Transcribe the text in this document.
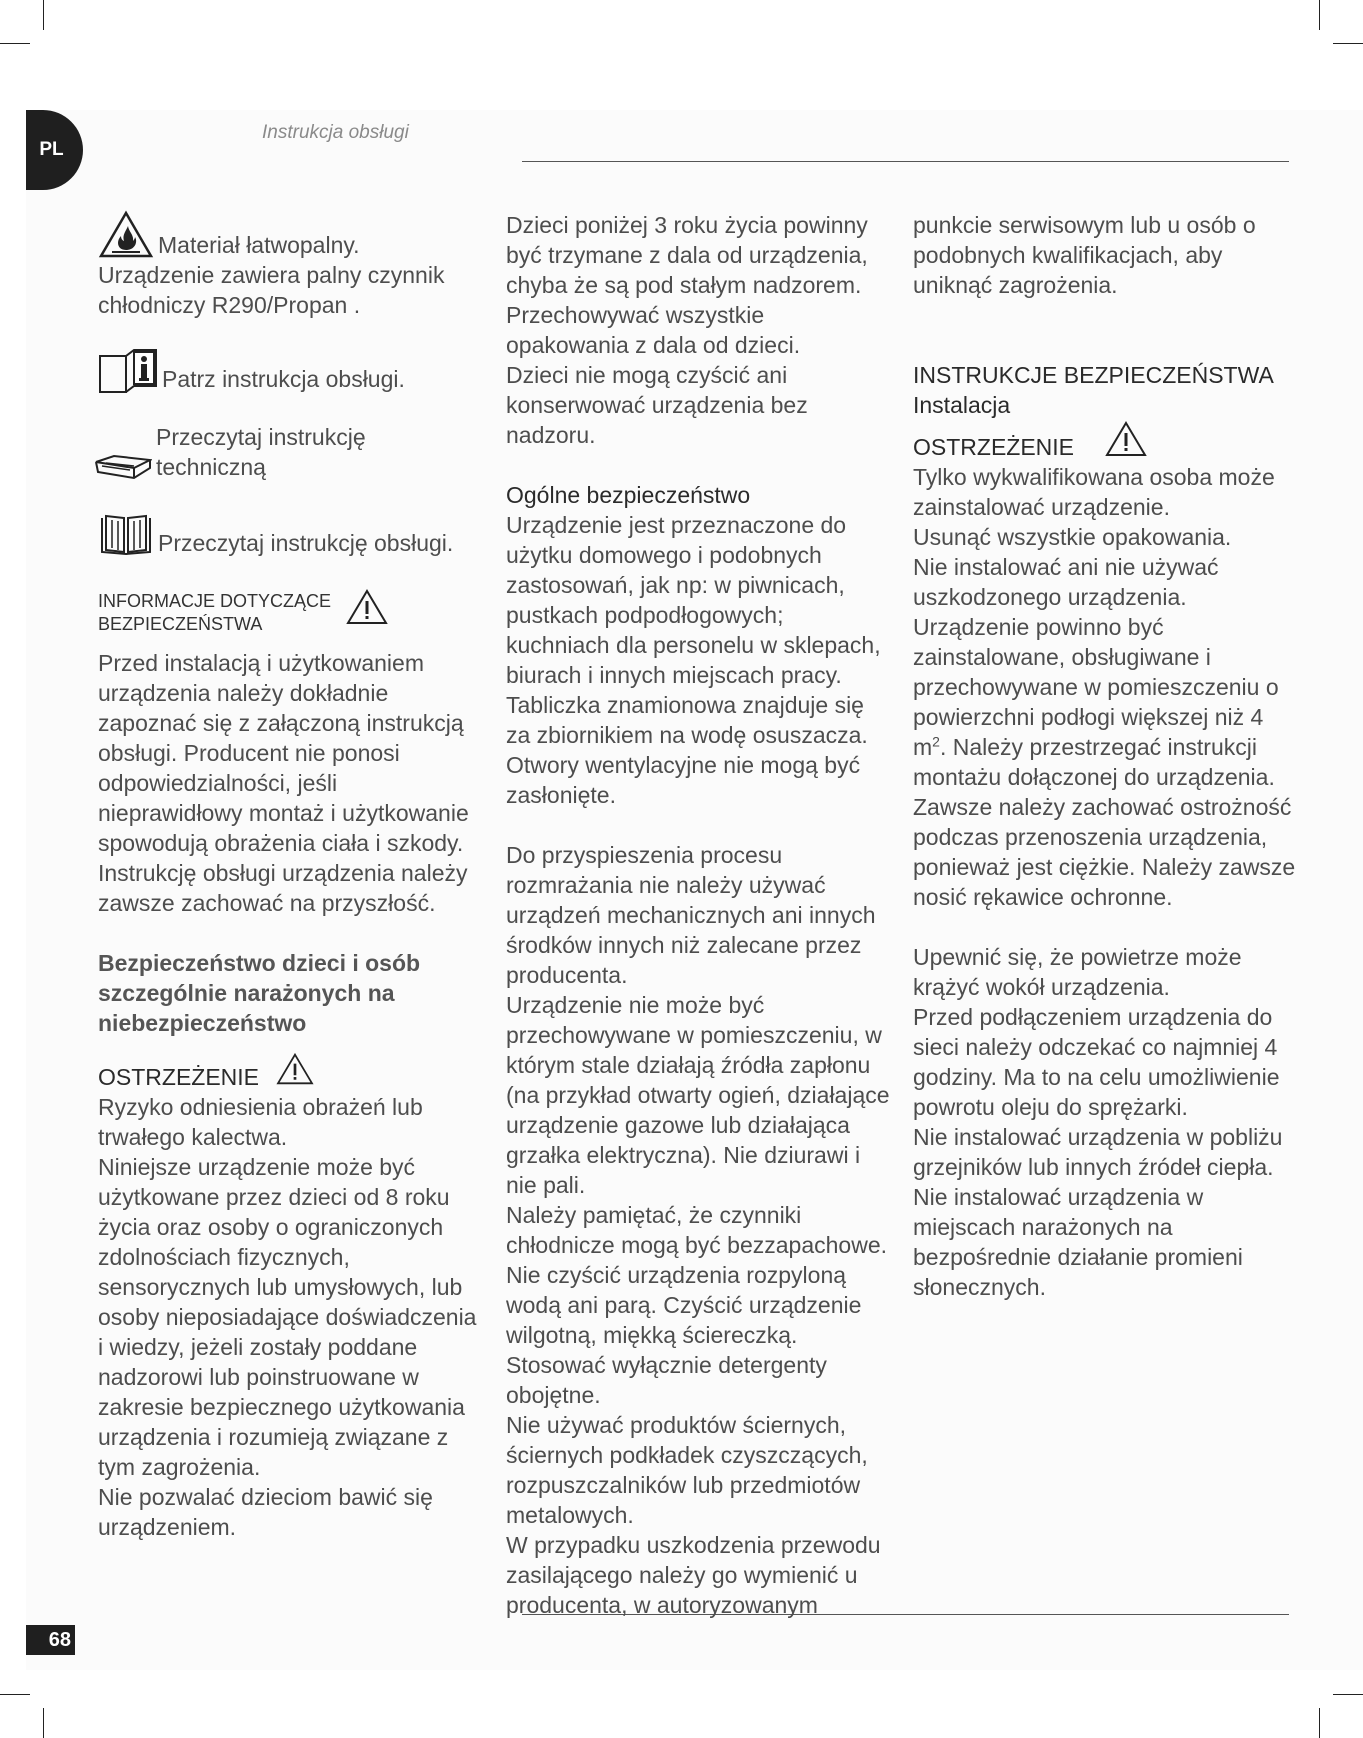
PL
Instrukcja obsługi
Materiał łatwopalny.

Urządzenie zawiera palny czynnik chłodniczy R290/Propan .

Patrz instrukcja obsługi.
Przeczytaj instrukcję techniczną
Przeczytaj instrukcję obsługi.
INFORMACJE DOTYCZĄCE
BEZPIECZEŃSTWA

Przed instalacją i użytkowaniem urządzenia należy dokładnie zapoznać się z załączoną instrukcją obsługi. Producent nie ponosi odpowiedzialności, jeśli nieprawidłowy montaż i użytkowanie spowodują obrażenia ciała i szkody. Instrukcję obsługi urządzenia należy zawsze zachować na przyszłość.

Bezpieczeństwo dzieci i osób szczególnie narażonych na niebezpieczeństwo

OSTRZEŻENIE

Ryzyko odniesienia obrażeń lub trwałego kalectwa.

Niniejsze urządzenie może być użytkowane przez dzieci od 8 roku życia oraz osoby o ograniczonych zdolnościach fizycznych, sensorycznych lub umysłowych, lub osoby nieposiadające doświadczenia i wiedzy, jeżeli zostały poddane nadzorowi lub poinstruowane w zakresie bezpiecznego użytkowania urządzenia i rozumieją związane z tym zagrożenia.

Nie pozwalać dzieciom bawić się urządzeniem.

Dzieci poniżej 3 roku życia powinny być trzymane z dala od urządzenia, chyba że są pod stałym nadzorem.

Przechowywać wszystkie opakowania z dala od dzieci.

Dzieci nie mogą czyścić ani konserwować urządzenia bez nadzoru.

Ogólne bezpieczeństwo

Urządzenie jest przeznaczone do użytku domowego i podobnych zastosowań, jak np: w piwnicach, pustkach podpodłogowych; kuchniach dla personelu w sklepach, biurach i innych miejscach pracy.

Tabliczka znamionowa znajduje się za zbiornikiem na wodę osuszacza.

Otwory wentylacyjne nie mogą być zasłonięte.

Do przyspieszenia procesu rozmrażania nie należy używać urządzeń mechanicznych ani innych środków innych niż zalecane przez producenta.

Urządzenie nie może być przechowywane w pomieszczeniu, w którym stale działają źródła zapłonu (na przykład otwarty ogień, działające urządzenie gazowe lub działająca grzałka elektryczna). Nie dziurawi i nie pali.

Należy pamiętać, że czynniki chłodnicze mogą być bezzapachowe.

Nie czyścić urządzenia rozpyloną wodą ani parą. Czyścić urządzenie wilgotną, miękką ściereczką. Stosować wyłącznie detergenty obojętne.

Nie używać produktów ściernych, ściernych podkładek czyszczących, rozpuszczalników lub przedmiotów metalowych.

W przypadku uszkodzenia przewodu zasilającego należy go wymienić u producenta, w autoryzowanym

punkcie serwisowym lub u osób o podobnych kwalifikacjach, aby uniknąć zagrożenia.

INSTRUKCJE BEZPIECZEŃSTWA

Instalacja

OSTRZEŻENIE

Tylko wykwalifikowana osoba może zainstalować urządzenie.

Usunąć wszystkie opakowania.

Nie instalować ani nie używać uszkodzonego urządzenia.

Urządzenie powinno być zainstalowane, obsługiwane i przechowywane w pomieszczeniu o powierzchni podłogi większej niż 4 $m^2$. Należy przestrzegać instrukcji montażu dołączonej do urządzenia.

Zawsze należy zachować ostrożność podczas przenoszenia urządzenia, ponieważ jest ciężkie. Należy zawsze nosić rękawice ochronne.

Upewnić się, że powietrze może krążyć wokół urządzenia.

Przed podłączeniem urządzenia do sieci należy odczekać co najmniej 4 godziny. Ma to na celu umożliwienie powrotu oleju do sprężarki.

Nie instalować urządzenia w pobliżu grzejników lub innych źródeł ciepła.

Nie instalować urządzenia w miejscach narażonych na bezpośrednie działanie promieni słonecznych.

68
